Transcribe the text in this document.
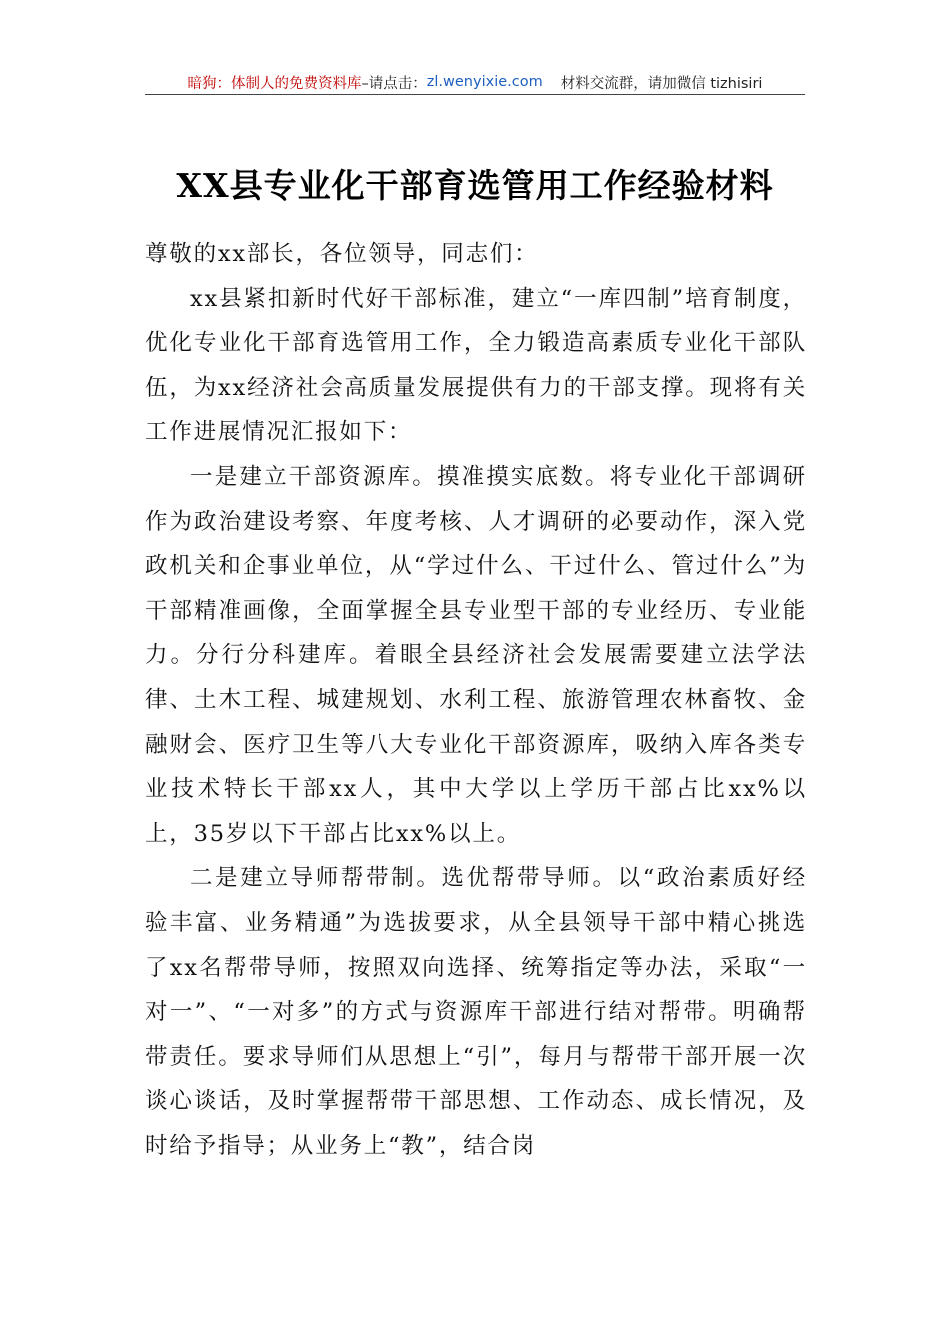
暗狗：体制人的免费资料库 –请点击： zl.wenyixie.com 材料交流群，请加微信 tizhisiri
XX县专业化干部育选管用工作经验材料

尊敬的xx部长，各位领导，同志们：

xx县紧扣新时代好干部标准，建立“一库四制”培育制度，优化专业化干部育选管用工作，全力锻造高素质专业化干部队伍，为xx经济社会高质量发展提供有力的干部支撑。现将有关工作进展情况汇报如下：

一是建立干部资源库。摸准摸实底数。将专业化干部调研作为政治建设考察、年度考核、人才调研的必要动作，深入党政机关和企事业单位，从“学过什么、干过什么、管过什么”为干部精准画像，全面掌握全县专业型干部的专业经历、专业能力。分行分科建库。着眼全县经济社会发展需要建立法学法律、土木工程、城建规划、水利工程、旅游管理农林畜牧、金融财会、医疗卫生等八大专业化干部资源库，吸纳入库各类专业技术特长干部xx人，其中大学以上学历干部占比xx%以上，35岁以下干部占比xx%以上。

二是建立导师帮带制。选优帮带导师。以“政治素质好经验丰富、业务精通”为选拔要求，从全县领导干部中精心挑选了xx名帮带导师，按照双向选择、统筹指定等办法，采取“一对一”、“一对多”的方式与资源库干部进行结对帮带。明确帮带责任。要求导师们从思想上“引”，每月与帮带干部开展一次谈心谈话，及时掌握帮带干部思想、工作动态、成长情况，及时给予指导；从业务上“教”，结合岗
